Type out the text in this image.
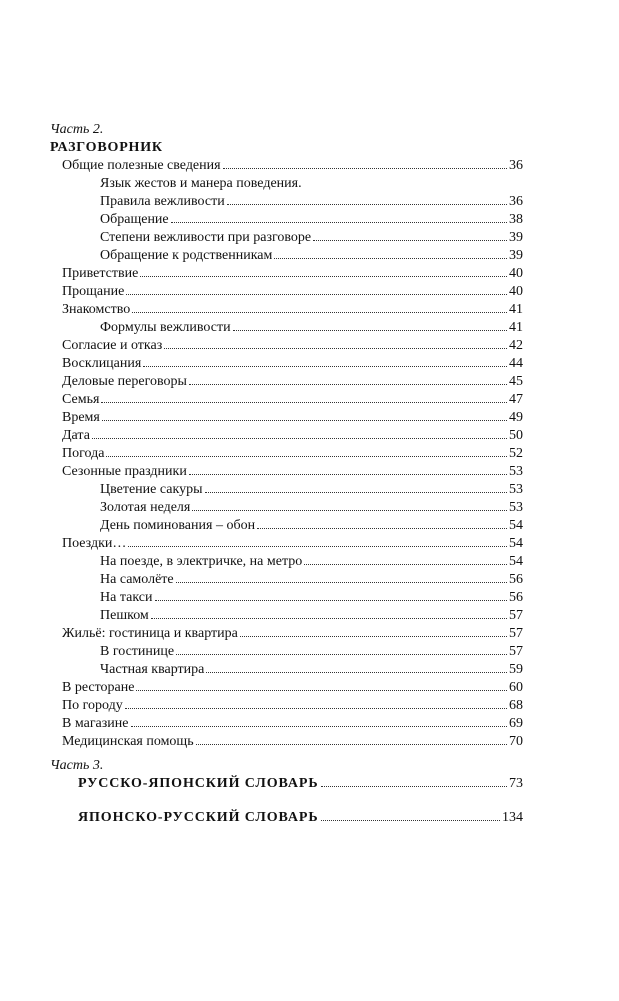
Часть 2.
РАЗГОВОРНИК
Общие полезные сведения	36
Язык жестов и манера поведения.
Правила вежливости	36
Обращение	38
Степени вежливости при разговоре	39
Обращение к родственникам	39
Приветствие	40
Прощание	40
Знакомство	41
Формулы вежливости	41
Согласие и отказ	42
Восклицания	44
Деловые переговоры	45
Семья	47
Время	49
Дата	50
Погода	52
Сезонные праздники	53
Цветение сакуры	53
Золотая неделя	53
День поминования – обон	54
Поездки…	54
На поезде, в электричке, на метро	54
На самолёте	56
На такси	56
Пешком	57
Жильё: гостиница и квартира	57
В гостинице	57
Частная квартира	59
В ресторане	60
По городу	68
В магазине	69
Медицинская помощь	70
Часть 3.
РУССКО-ЯПОНСКИЙ СЛОВАРЬ	73
ЯПОНСКО-РУССКИЙ СЛОВАРЬ	134
